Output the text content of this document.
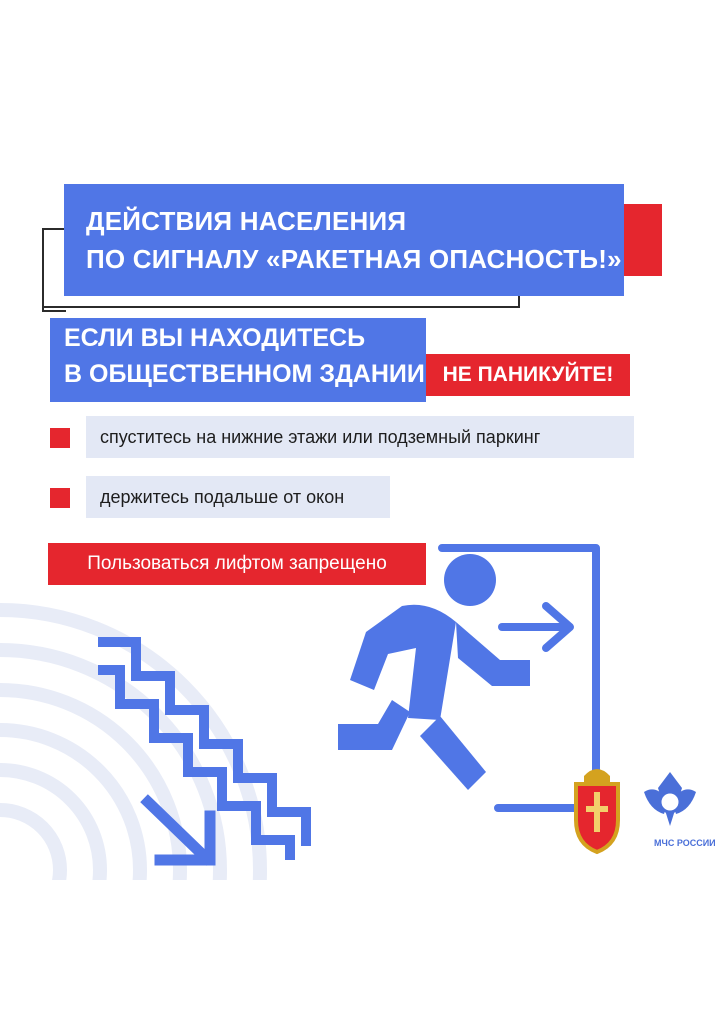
ДЕЙСТВИЯ НАСЕЛЕНИЯ
ПО СИГНАЛУ «РАКЕТНАЯ ОПАСНОСТЬ!»
ЕСЛИ ВЫ НАХОДИТЕСЬ
В ОБЩЕСТВЕННОМ ЗДАНИИ НЕ ПАНИКУЙТЕ!
спуститесь на нижние этажи или подземный паркинг
держитесь подальше от окон
Пользоваться лифтом запрещено
МЧС РОССИИ
